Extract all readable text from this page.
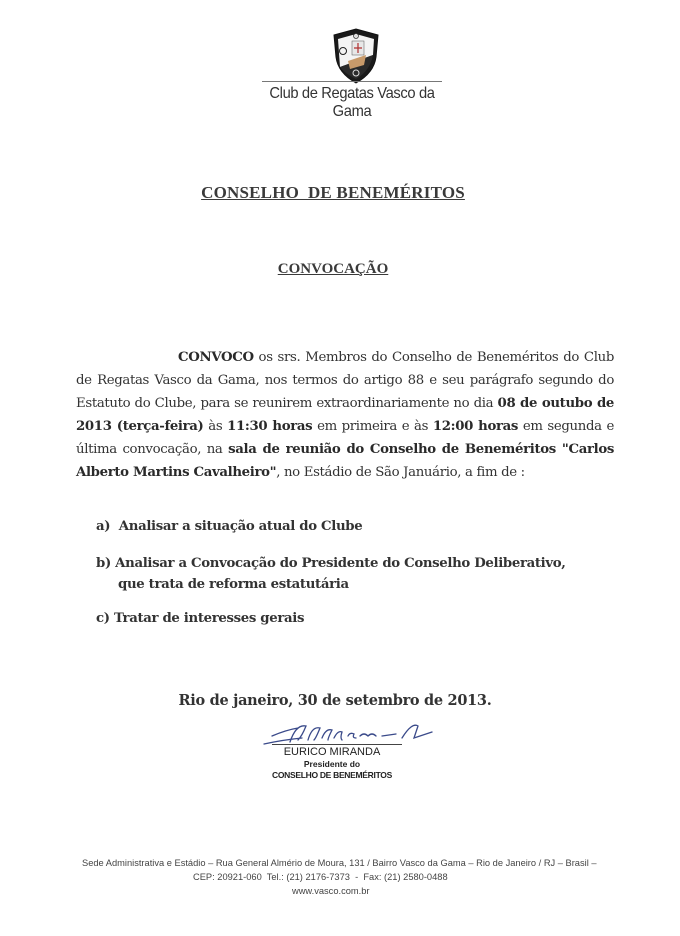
Club de Regatas Vasco da Gama
CONSELHO  DE BENEMÉRITOS
CONVOCAÇÃO
CONVOCO os srs. Membros do Conselho de Beneméritos do Club de Regatas Vasco da Gama, nos termos do artigo 88 e seu parágrafo segundo do Estatuto do Clube, para se reunirem extraordinariamente no dia 08 de outubo de 2013 (terça-feira) às 11:30 horas em primeira e às 12:00 horas em segunda e última convocação, na sala de reunião do Conselho de Beneméritos "Carlos Alberto Martins Cavalheiro", no Estádio de São Januário, a fim de :
a) Analisar a situação atual do Clube
b) Analisar a Convocação do Presidente do Conselho Deliberativo,
que trata de reforma estatutária
c) Tratar de interesses gerais
Rio de janeiro, 30 de setembro de 2013.
EURICO MIRANDA
Presidente do
CONSELHO DE BENEMÉRITOS
Sede Administrativa e Estádio – Rua General Almério de Moura, 131 / Bairro Vasco da Gama – Rio de Janeiro / RJ – Brasil –
CEP: 20921-060  Tel.: (21) 2176-7373  -  Fax: (21) 2580-0488
www.vasco.com.br
